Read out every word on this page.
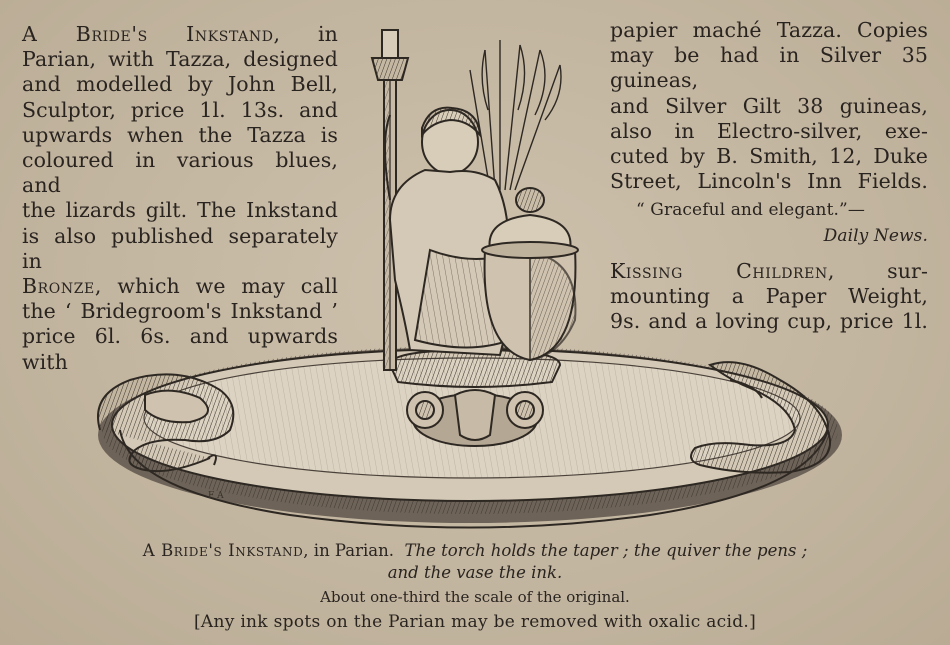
A Bride's Inkstand, in
Parian, with Tazza, designed
and modelled by John Bell,
Sculptor, price 1l. 13s. and
upwards when the Tazza is
coloured in various blues, and
the lizards gilt. The Inkstand
is also published separately in
Bronze, which we may call
the ‘ Bridegroom's Inkstand ’
price 6l. 6s. and upwards with

papier maché Tazza. Copies
may be had in Silver 35 guineas,
and Silver Gilt 38 guineas,
also in Electro-silver, exe-
cuted by B. Smith, 12, Duke
Street, Lincoln's Inn Fields.

“ Graceful and elegant.”—
Daily News.

Kissing Children, sur-
mounting a Paper Weight,
9s. and a loving cup, price 1l.

F A
A Bride's Inkstand, in Parian. The torch holds the taper ; the quiver the pens ;
and the vase the ink.
About one-third the scale of the original.
[Any ink spots on the Parian may be removed with oxalic acid.]
